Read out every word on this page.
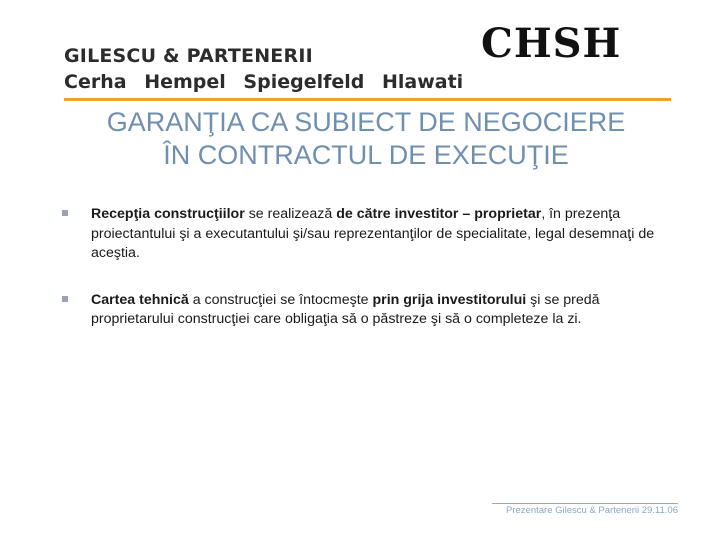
GILESCU & PARTENERII
Cerha Hempel Spiegelfeld Hlawati
CHSH
GARANŢIA CA SUBIECT DE NEGOCIERE
ÎN CONTRACTUL DE EXECUŢIE
Recepţia construcţiilor se realizează de către investitor – proprietar, în prezenţa proiectantului şi a executantului şi/sau reprezentanţilor de specialitate, legal desemnaţi de aceştia.
Cartea tehnică a construcţiei se întocmeşte prin grija investitorului şi se predă proprietarului construcţiei care obligaţia să o păstreze şi să o completeze la zi.
Prezentare Gilescu & Partenerii 29.11.06
